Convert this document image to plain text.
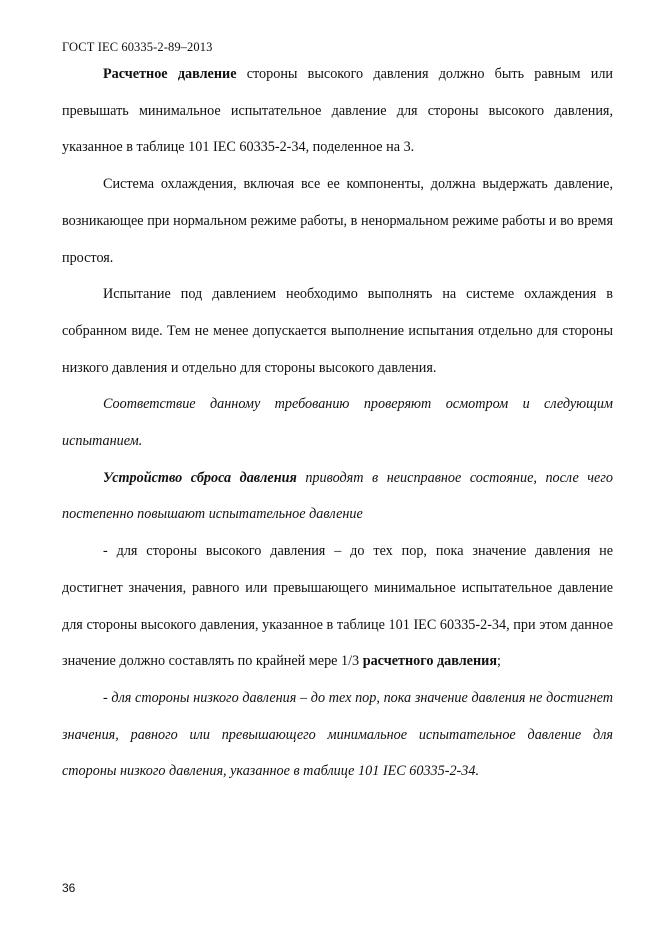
ГОСТ IEC 60335-2-89–2013

Расчетное давление стороны высокого давления должно быть равным или превышать минимальное испытательное давление для стороны высокого давления, указанное в таблице 101 IEC 60335-2-34, поделенное на 3.

Система охлаждения, включая все ее компоненты, должна выдержать давление, возникающее при нормальном режиме работы, в ненормальном режиме работы и во время простоя.

Испытание под давлением необходимо выполнять на системе охлаждения в собранном виде. Тем не менее допускается выполнение испытания отдельно для стороны низкого давления и отдельно для стороны высокого давления.

Соответствие данному требованию проверяют осмотром и следующим испытанием.

Устройство сброса давления приводят в неисправное состояние, после чего постепенно повышают испытательное давление

- для стороны высокого давления – до тех пор, пока значение давления не достигнет значения, равного или превышающего минимальное испытательное давление для стороны высокого давления, указанное в таблице 101 IEC 60335-2-34, при этом данное значение должно составлять по крайней мере 1/3 расчетного давления;

- для стороны низкого давления – до тех пор, пока значение давления не достигнет значения, равного или превышающего минимальное испытательное давление для стороны низкого давления, указанное в таблице 101 IEC 60335-2-34.

36
